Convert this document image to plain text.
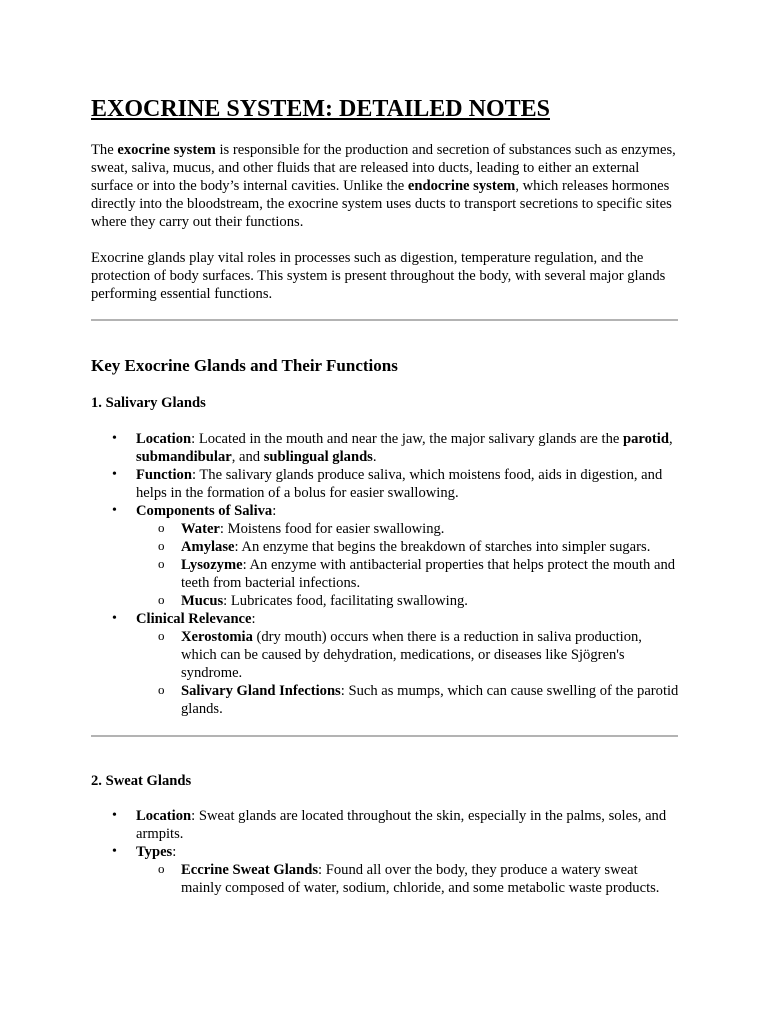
EXOCRINE SYSTEM: DETAILED NOTES

The exocrine system is responsible for the production and secretion of substances such as enzymes, sweat, saliva, mucus, and other fluids that are released into ducts, leading to either an external surface or into the body’s internal cavities. Unlike the endocrine system, which releases hormones directly into the bloodstream, the exocrine system uses ducts to transport secretions to specific sites where they carry out their functions.

Exocrine glands play vital roles in processes such as digestion, temperature regulation, and the protection of body surfaces. This system is present throughout the body, with several major glands performing essential functions.

Key Exocrine Glands and Their Functions
1. Salivary Glands
• Location: Located in the mouth and near the jaw, the major salivary glands are the parotid, submandibular, and sublingual glands.
• Function: The salivary glands produce saliva, which moistens food, aids in digestion, and helps in the formation of a bolus for easier swallowing.
• Components of Saliva:
o Water: Moistens food for easier swallowing.
o Amylase: An enzyme that begins the breakdown of starches into simpler sugars.
o Lysozyme: An enzyme with antibacterial properties that helps protect the mouth and teeth from bacterial infections.
o Mucus: Lubricates food, facilitating swallowing.
• Clinical Relevance:
o Xerostomia (dry mouth) occurs when there is a reduction in saliva production, which can be caused by dehydration, medications, or diseases like Sjögren's syndrome.
o Salivary Gland Infections: Such as mumps, which can cause swelling of the parotid glands.
2. Sweat Glands
• Location: Sweat glands are located throughout the skin, especially in the palms, soles, and armpits.
• Types:
o Eccrine Sweat Glands: Found all over the body, they produce a watery sweat mainly composed of water, sodium, chloride, and some metabolic waste products.
